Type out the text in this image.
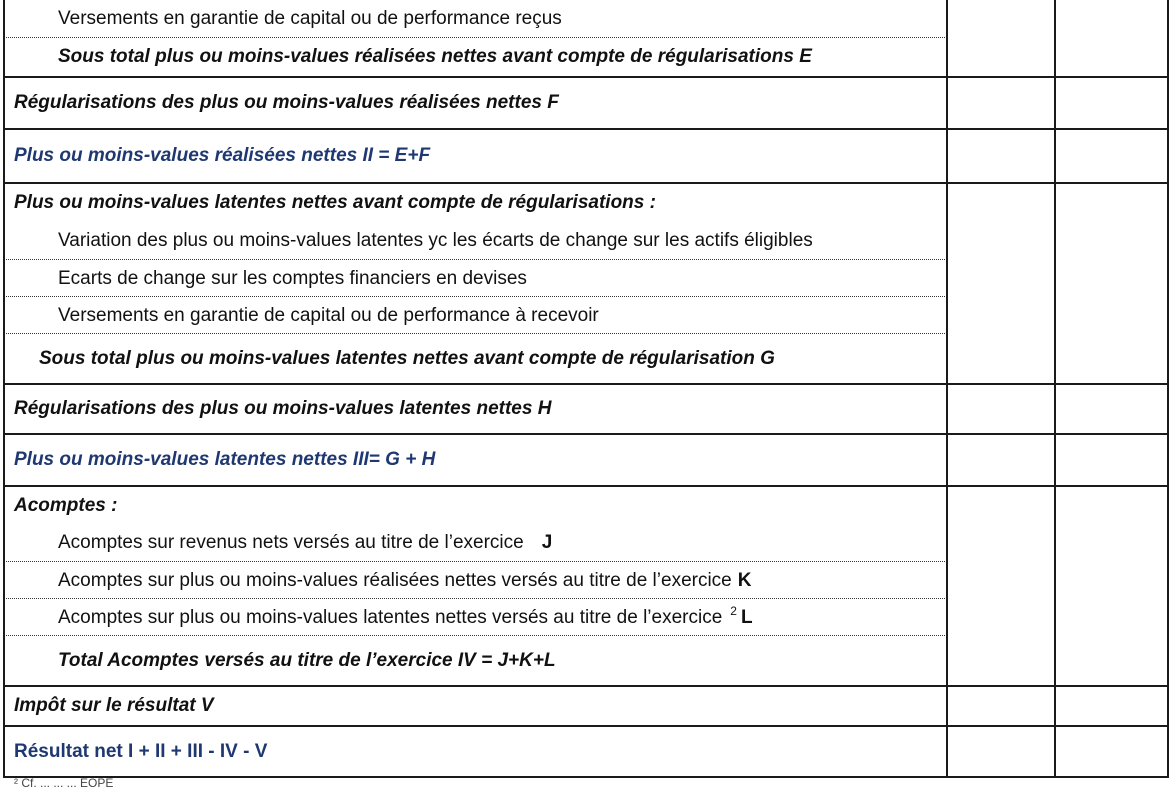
Versements en garantie de capital ou de performance reçus
Sous total plus ou moins-values réalisées nettes avant compte de régularisations E
Régularisations des plus ou moins-values réalisées nettes F
Plus ou moins-values réalisées nettes II = E+F
Plus ou moins-values latentes nettes avant compte de régularisations :
Variation des plus ou moins-values latentes yc les écarts de change sur les actifs éligibles
Ecarts de change sur les comptes financiers en devises
Versements en garantie de capital ou de performance à recevoir
Sous total plus ou moins-values latentes nettes avant compte de régularisation G
Régularisations des plus ou moins-values latentes nettes H
Plus ou moins-values latentes nettes III= G + H
Acomptes :
Acomptes sur revenus nets versés au titre de l’exercice J
Acomptes sur plus ou moins-values réalisées nettes versés au titre de l’exercice K
Acomptes sur plus ou moins-values latentes nettes versés au titre de l’exercice 2 L
Total Acomptes versés au titre de l’exercice IV = J+K+L
Impôt sur le résultat V
Résultat net I + II + III - IV - V
² Cf. ... ... ... EOPE
